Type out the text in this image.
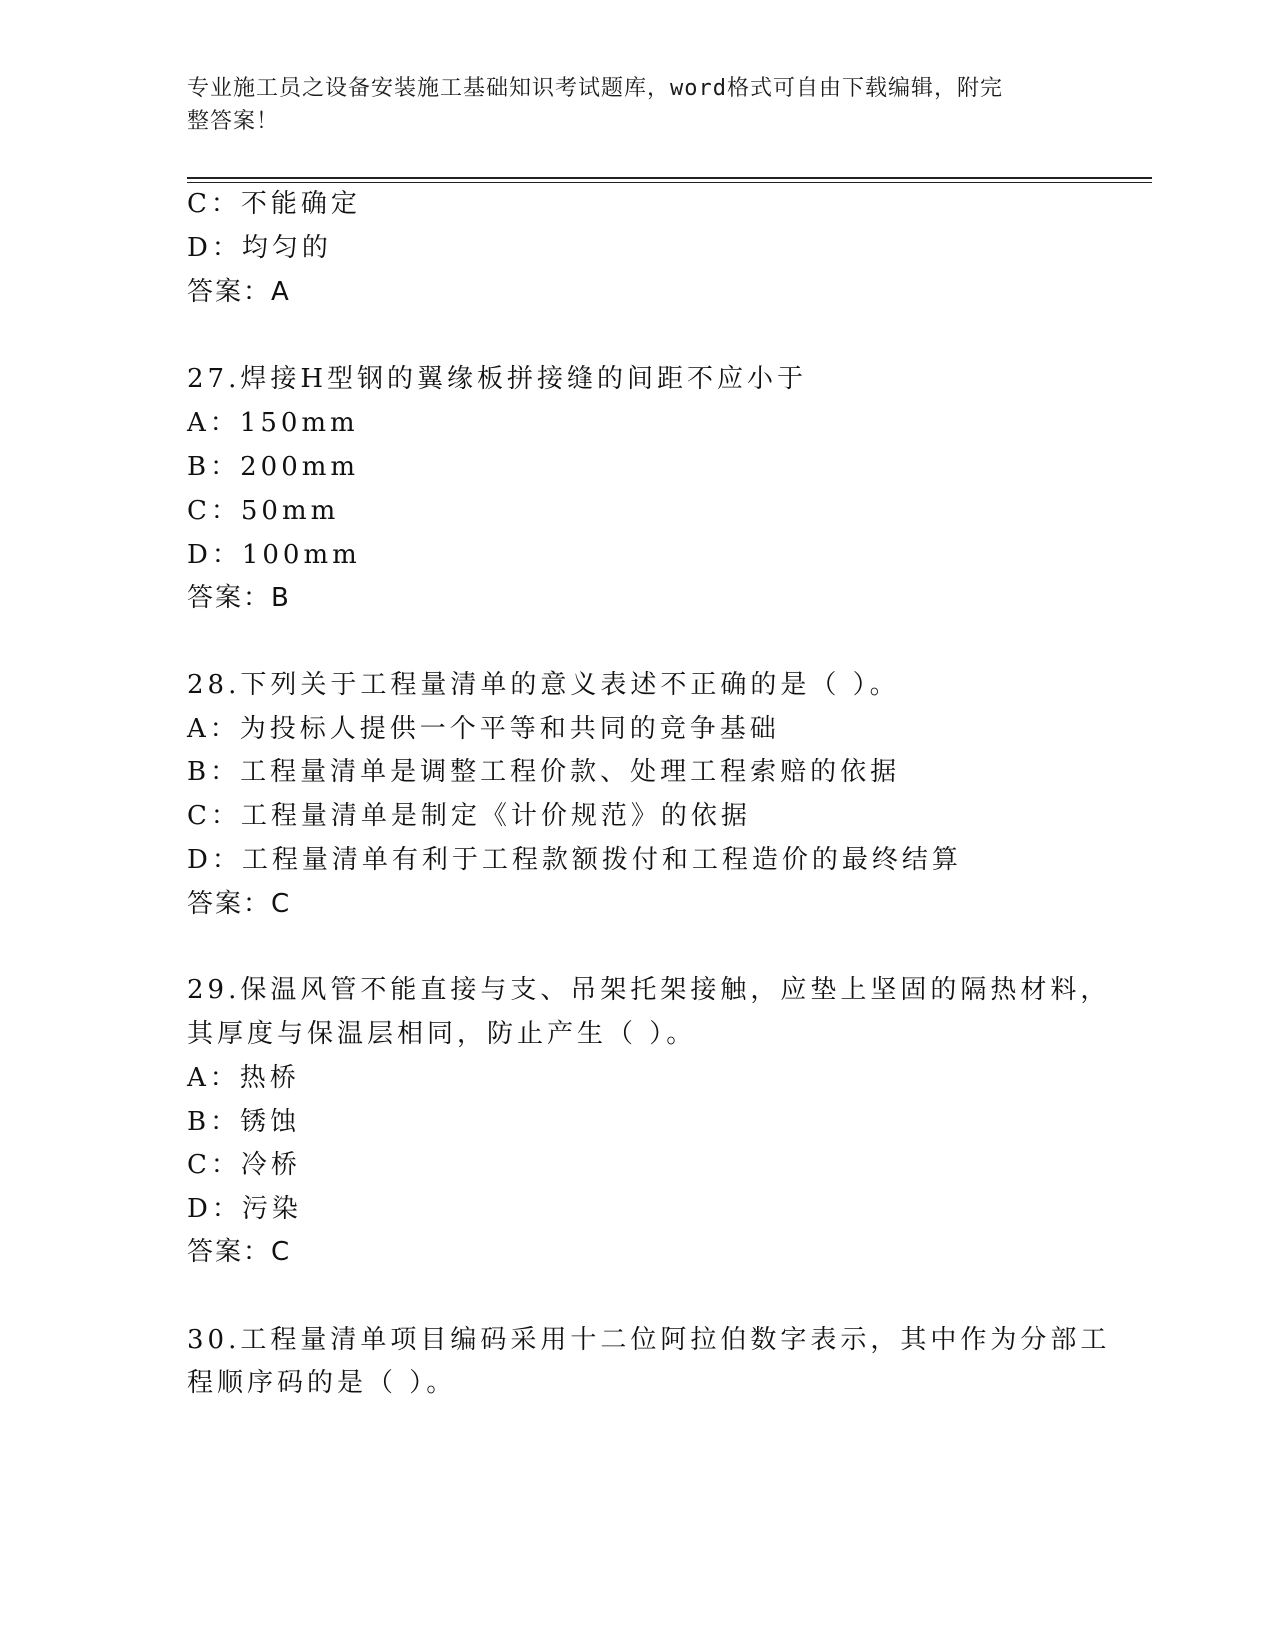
专业施工员之设备安装施工基础知识考试题库，word格式可自由下载编辑，附完
整答案！
C：不能确定
D：均匀的
答案：A
27.焊接H型钢的翼缘板拼接缝的间距不应小于
A：150mm
B：200mm
C：50mm
D：100mm
答案：B
28.下列关于工程量清单的意义表述不正确的是（ ）。
A：为投标人提供一个平等和共同的竞争基础
B：工程量清单是调整工程价款、处理工程索赔的依据
C：工程量清单是制定《计价规范》的依据
D：工程量清单有利于工程款额拨付和工程造价的最终结算
答案：C
29.保温风管不能直接与支、吊架托架接触，应垫上坚固的隔热材料，
其厚度与保温层相同，防止产生（ ）。
A：热桥
B：锈蚀
C：冷桥
D：污染
答案：C
30.工程量清单项目编码采用十二位阿拉伯数字表示，其中作为分部工
程顺序码的是（ ）。
